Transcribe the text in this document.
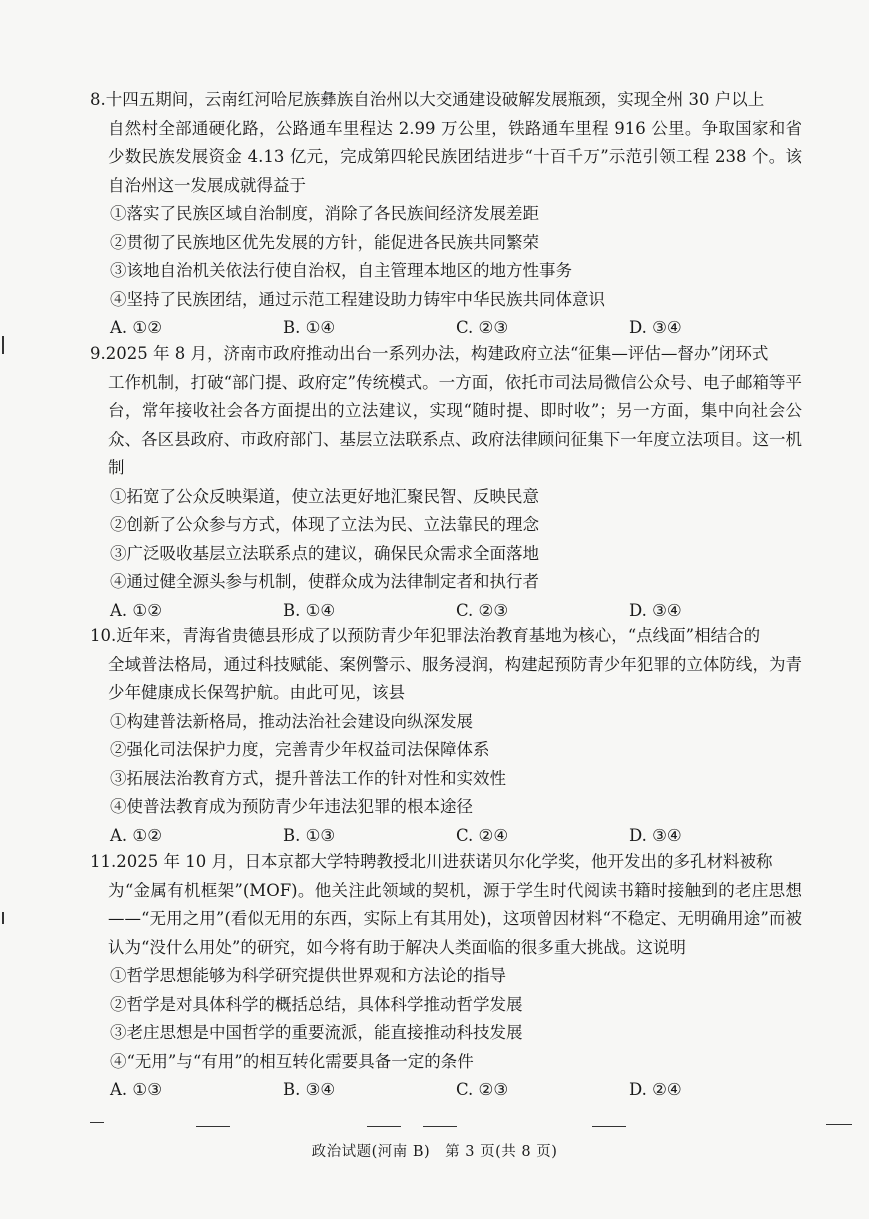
8.十四五期间，云南红河哈尼族彝族自治州以大交通建设破解发展瓶颈，实现全州 30 户以上
自然村全部通硬化路，公路通车里程达 2.99 万公里，铁路通车里程 916 公里。争取国家和省少数民族发展资金 4.13 亿元，完成第四轮民族团结进步“十百千万”示范引领工程 238 个。该自治州这一发展成就得益于

①落实了民族区域自治制度，消除了各民族间经济发展差距

②贯彻了民族地区优先发展的方针，能促进各民族共同繁荣

③该地自治机关依法行使自治权，自主管理本地区的地方性事务

④坚持了民族团结，通过示范工程建设助力铸牢中华民族共同体意识

A. ①②	B. ①④	C. ②③	D. ③④

9.2025 年 8 月，济南市政府推动出台一系列办法，构建政府立法“征集—评估—督办”闭环式
工作机制，打破“部门提、政府定”传统模式。一方面，依托市司法局微信公众号、电子邮箱等平台，常年接收社会各方面提出的立法建议，实现“随时提、即时收”；另一方面，集中向社会公众、各区县政府、市政府部门、基层立法联系点、政府法律顾问征集下一年度立法项目。这一机制

①拓宽了公众反映渠道，使立法更好地汇聚民智、反映民意

②创新了公众参与方式，体现了立法为民、立法靠民的理念

③广泛吸收基层立法联系点的建议，确保民众需求全面落地

④通过健全源头参与机制，使群众成为法律制定者和执行者

A. ①②	B. ①④	C. ②③	D. ③④

10.近年来，青海省贵德县形成了以预防青少年犯罪法治教育基地为核心，“点线面”相结合的
全域普法格局，通过科技赋能、案例警示、服务浸润，构建起预防青少年犯罪的立体防线，为青少年健康成长保驾护航。由此可见，该县

①构建普法新格局，推动法治社会建设向纵深发展

②强化司法保护力度，完善青少年权益司法保障体系

③拓展法治教育方式，提升普法工作的针对性和实效性

④使普法教育成为预防青少年违法犯罪的根本途径

A. ①②	B. ①③	C. ②④	D. ③④

11.2025 年 10 月，日本京都大学特聘教授北川进获诺贝尔化学奖，他开发出的多孔材料被称
为“金属有机框架”(MOF)。他关注此领域的契机，源于学生时代阅读书籍时接触到的老庄思想——“无用之用”(看似无用的东西，实际上有其用处)，这项曾因材料“不稳定、无明确用途”而被认为“没什么用处”的研究，如今将有助于解决人类面临的很多重大挑战。这说明

①哲学思想能够为科学研究提供世界观和方法论的指导

②哲学是对具体科学的概括总结，具体科学推动哲学发展

③老庄思想是中国哲学的重要流派，能直接推动科技发展

④“无用”与“有用”的相互转化需要具备一定的条件

A. ①③	B. ③④	C. ②③	D. ②④
政治试题(河南 B)　第 3 页(共 8 页)
